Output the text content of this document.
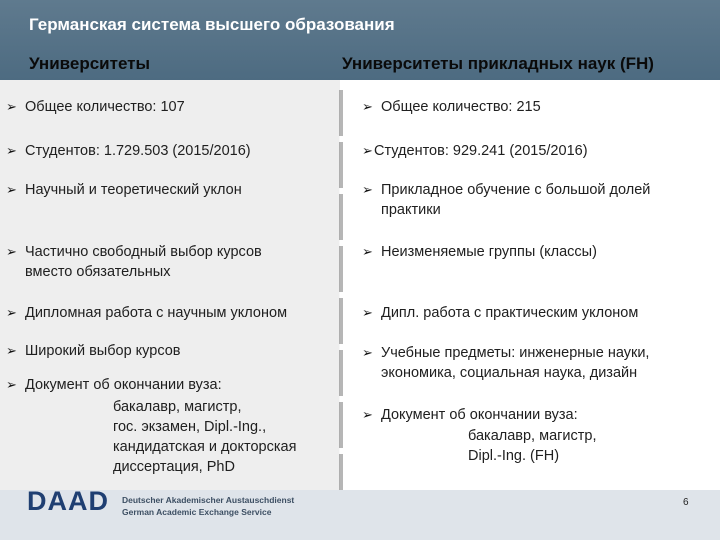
Германская система высшего образования
Университеты	Университеты прикладных наук (FH)
➢ Общее количество: 107
➢ Студентов: 1.729.503 (2015/2016)
➢ Научный и теоретический уклон
➢ Частично свободный выбор курсов
вместо обязательных
➢ Дипломная работа с научным уклоном
➢ Широкий выбор курсов
➢ Документ об окончании вуза:
бакалавр, магистр,
гос. экзамен, Dipl.-Ing.,
кандидатская и докторская
диссертация, PhD
➢ Общее количество: 215
➢ Студентов: 929.241 (2015/2016)
➢ Прикладное обучение с большой долей
практики
➢ Неизменяемые группы (классы)
➢ Дипл. работа с практическим уклоном
➢ Учебные предметы: инженерные науки,
экономика, социальная наука, дизайн
➢ Документ об окончании вуза:
бакалавр, магистр,
Dipl.-Ing. (FH)
DAAD Deutscher Akademischer Austauschdienst
German Academic Exchange Service
6
